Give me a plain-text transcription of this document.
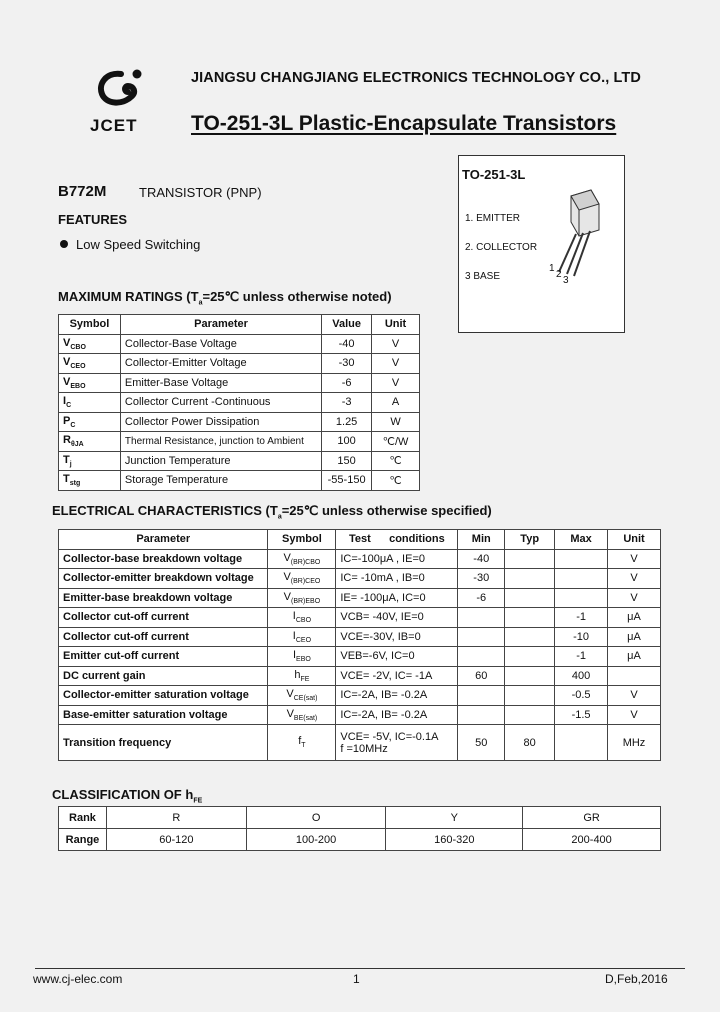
JCET
JIANGSU CHANGJIANG ELECTRONICS TECHNOLOGY CO., LTD
TO-251-3L Plastic-Encapsulate Transistors
TO-251-3L
1. EMITTER
2. COLLECTOR
3 BASE
1
2
3
B772M	TRANSISTOR (PNP)
FEATURES
Low Speed Switching
MAXIMUM RATINGS ($T_a=25℃$ unless otherwise noted)
Symbol	Parameter	Value	Unit
$V_{CBO}$	Collector-Base Voltage	-40	V
$V_{CEO}$	Collector-Emitter Voltage	-30	V
$V_{EBO}$	Emitter-Base Voltage	-6	V
$I_C$	Collector Current -Continuous	-3	A
$P_C$	Collector Power Dissipation	1.25	W
$R_{\theta JA}$	Thermal Resistance, junction to Ambient	100	℃/W
$T_j$	Junction Temperature	150	℃
$T_{stg}$	Storage Temperature	-55-150	℃
ELECTRICAL CHARACTERISTICS ($T_a=25℃$ unless otherwise specified)
Parameter	Symbol	Test      conditions	Min	Typ	Max	Unit
Collector-base breakdown voltage	$V_{(BR)CBO}$	IC=-100μA , IE=0	-40			V
Collector-emitter breakdown voltage	$V_{(BR)CEO}$	IC= -10mA , IB=0	-30			V
Emitter-base breakdown voltage	$V_{(BR)EBO}$	IE= -100μA, IC=0	-6			V
Collector cut-off current	$I_{CBO}$	VCB= -40V, IE=0			-1	μA
Collector cut-off current	$I_{CEO}$	VCE=-30V, IB=0			-10	μA
Emitter cut-off current	$I_{EBO}$	VEB=-6V, IC=0			-1	μA
DC current gain	$h_{FE}$	VCE= -2V, IC= -1A	60		400	
Collector-emitter saturation voltage	$V_{CE(sat)}$	IC=-2A, IB= -0.2A			-0.5	V
Base-emitter saturation voltage	$V_{BE(sat)}$	IC=-2A, IB= -0.2A			-1.5	V
Transition frequency	$f_T$	VCE= -5V, IC=-0.1A
f =10MHz	50	80		MHz
CLASSIFICATION OF $h_{FE}$
Rank	R	O	Y	GR
Range	60-120	100-200	160-320	200-400
www.cj-elec.com	1	D,Feb,2016
